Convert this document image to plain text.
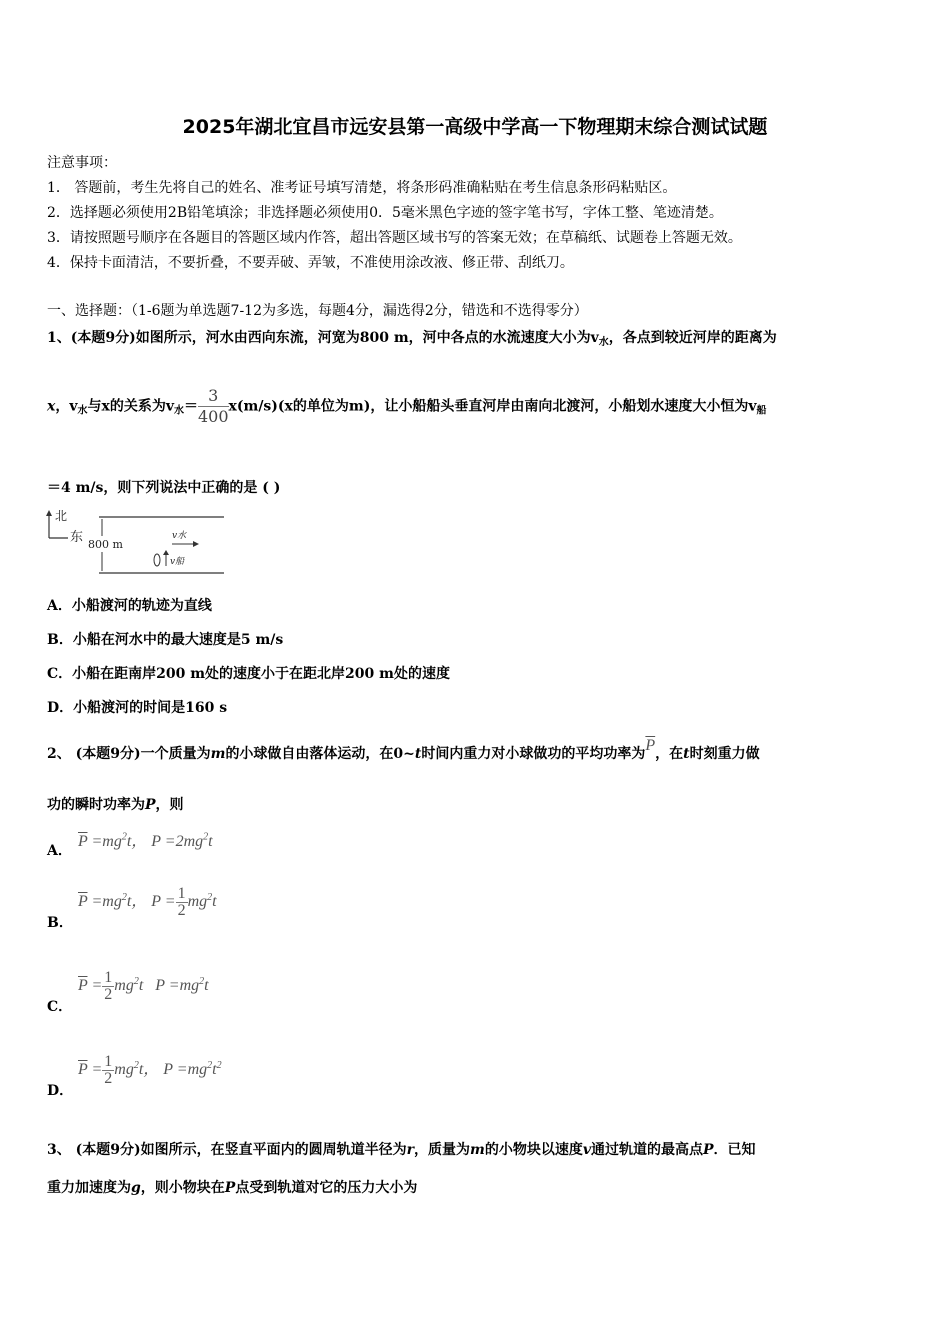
2025年湖北宜昌市远安县第一高级中学高一下物理期末综合测试试题
注意事项：
1． 答题前，考生先将自己的姓名、准考证号填写清楚，将条形码准确粘贴在考生信息条形码粘贴区。
2．选择题必须使用2B铅笔填涂；非选择题必须使用0．5毫米黑色字迹的签字笔书写，字体工整、笔迹清楚。
3．请按照题号顺序在各题目的答题区域内作答，超出答题区域书写的答案无效；在草稿纸、试题卷上答题无效。
4．保持卡面清洁，不要折叠，不要弄破、弄皱，不准使用涂改液、修正带、刮纸刀。
一、选择题：（1-6题为单选题7-12为多选，每题4分，漏选得2分，错选和不选得零分）
1、(本题9分)如图所示，河水由西向东流，河宽为800 m，河中各点的水流速度大小为$v_水$，各点到较近河岸的距离为
x，$v_水$与x的关系为$v_水= \frac{3}{400} x(m/s)(x$的单位为m)，让小船船头垂直河岸由南向北渡河，小船划水速度大小恒为$v_船$
＝4 m/s，则下列说法中正确的是 ( )
北
东 800 m
v水
v船
A．小船渡河的轨迹为直线
B．小船在河水中的最大速度是5 m/s
C．小船在距南岸200 m处的速度小于在距北岸200 m处的速度
D．小船渡河的时间是160 s
2、 (本题9分)一个质量为m的小球做自由落体运动，在0~t时间内重力对小球做功的平均功率为$\overline{P}$，在t时刻重力做
功的瞬时功率为P，则
A．
$\overline{P} =mg^2t$， $P =2mg^2t$
B．
$\overline{P} =mg^2t$， $P = \frac{1}{2} mg^2t$
C．
$\overline{P} = \frac{1}{2} mg^2t$ $P =mg^2t$
D．
$\overline{P} = \frac{1}{2} mg^2t$， $P =mg^2t^2$
3、 (本题9分)如图所示，在竖直平面内的圆周轨道半径为r，质量为m的小物块以速度v通过轨道的最高点P．已知
重力加速度为g，则小物块在P点受到轨道对它的压力大小为
